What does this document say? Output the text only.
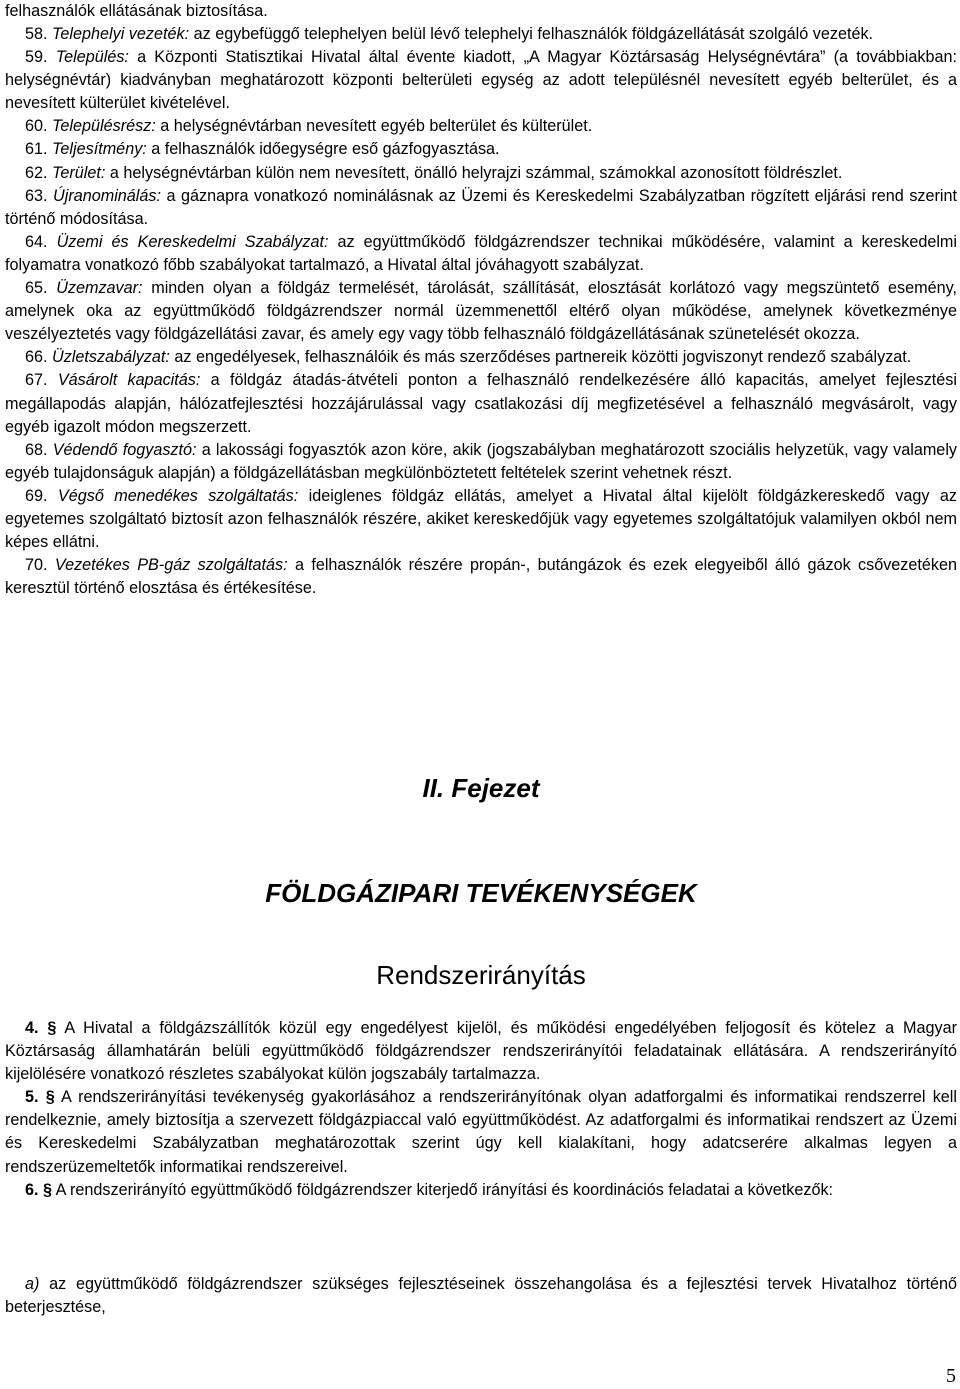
felhasználók ellátásának biztosítása.

58. Telephelyi vezeték: az egybefüggő telephelyen belül lévő telephelyi felhasználók földgázellátását szolgáló vezeték.

59. Település: a Központi Statisztikai Hivatal által évente kiadott, „A Magyar Köztársaság Helységnévtára” (a továbbiakban: helységnévtár) kiadványban meghatározott központi belterületi egység az adott településnél nevesített egyéb belterület, és a nevesített külterület kivételével.

60. Településrész: a helységnévtárban nevesített egyéb belterület és külterület.

61. Teljesítmény: a felhasználók időegységre eső gázfogyasztása.

62. Terület: a helységnévtárban külön nem nevesített, önálló helyrajzi számmal, számokkal azonosított földrészlet.

63. Újranominálás: a gáznapra vonatkozó nominálásnak az Üzemi és Kereskedelmi Szabályzatban rögzített eljárási rend szerint történő módosítása.

64. Üzemi és Kereskedelmi Szabályzat: az együttműködő földgázrendszer technikai működésére, valamint a kereskedelmi folyamatra vonatkozó főbb szabályokat tartalmazó, a Hivatal által jóváhagyott szabályzat.

65. Üzemzavar: minden olyan a földgáz termelését, tárolását, szállítását, elosztását korlátozó vagy megszüntető esemény, amelynek oka az együttműködő földgázrendszer normál üzemmenettől eltérő olyan működése, amelynek következménye veszélyeztetés vagy földgázellátási zavar, és amely egy vagy több felhasználó földgázellátásának szünetelését okozza.

66. Üzletszabályzat: az engedélyesek, felhasználóik és más szerződéses partnereik közötti jogviszonyt rendező szabályzat.

67. Vásárolt kapacitás: a földgáz átadás-átvételi ponton a felhasználó rendelkezésére álló kapacitás, amelyet fejlesztési megállapodás alapján, hálózatfejlesztési hozzájárulással vagy csatlakozási díj megfizetésével a felhasználó megvásárolt, vagy egyéb igazolt módon megszerzett.

68. Védendő fogyasztó: a lakossági fogyasztók azon köre, akik (jogszabályban meghatározott szociális helyzetük, vagy valamely egyéb tulajdonságuk alapján) a földgázellátásban megkülönböztetett feltételek szerint vehetnek részt.

69. Végső menedékes szolgáltatás: ideiglenes földgáz ellátás, amelyet a Hivatal által kijelölt földgázkereskedő vagy az egyetemes szolgáltató biztosít azon felhasználók részére, akiket kereskedőjük vagy egyetemes szolgáltatójuk valamilyen okból nem képes ellátni.

70. Vezetékes PB-gáz szolgáltatás: a felhasználók részére propán-, butángázok és ezek elegyeiből álló gázok csővezetéken keresztül történő elosztása és értékesítése.

II. Fejezet

FÖLDGÁZIPARI TEVÉKENYSÉGEK

Rendszerirányítás

4. § A Hivatal a földgázszállítók közül egy engedélyest kijelöl, és működési engedélyében feljogosít és kötelez a Magyar Köztársaság államhatárán belüli együttműködő földgázrendszer rendszerirányítói feladatainak ellátására. A rendszerirányító kijelölésére vonatkozó részletes szabályokat külön jogszabály tartalmazza.

5. § A rendszerirányítási tevékenység gyakorlásához a rendszerirányítónak olyan adatforgalmi és informatikai rendszerrel kell rendelkeznie, amely biztosítja a szervezett földgázpiaccal való együttműködést. Az adatforgalmi és informatikai rendszert az Üzemi és Kereskedelmi Szabályzatban meghatározottak szerint úgy kell kialakítani, hogy adatcserére alkalmas legyen a rendszerüzemeltetők informatikai rendszereivel.

6. § A rendszerirányító együttműködő földgázrendszer kiterjedő irányítási és koordinációs feladatai a következők:

a) az együttműködő földgázrendszer szükséges fejlesztéseinek összehangolása és a fejlesztési tervek Hivatalhoz történő beterjesztése,

5
